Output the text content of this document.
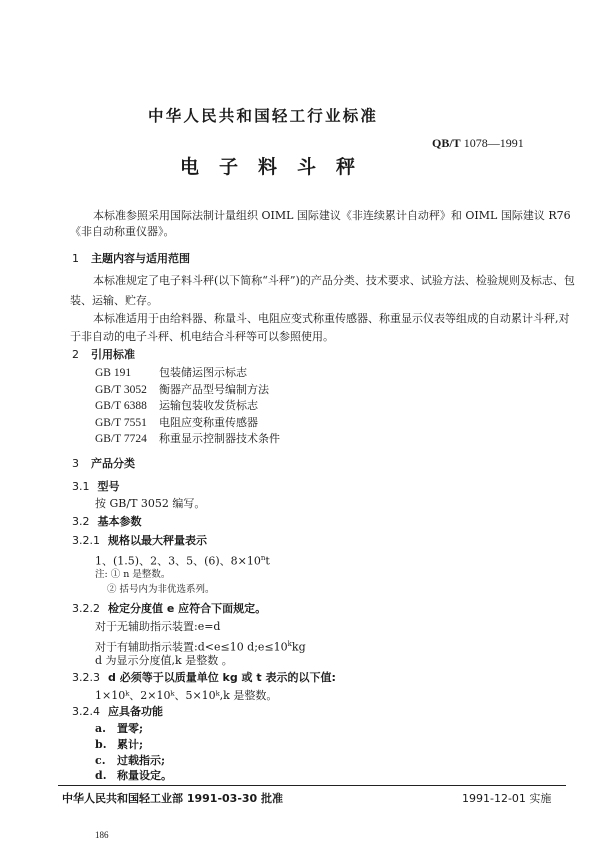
中华人民共和国轻工行业标准
QB/T 1078—1991
电子料斗秤
本标准参照采用国际法制计量组织 OIML 国际建议《非连续累计自动秤》和 OIML 国际建议 R76
《非自动称重仪器》。
1 主题内容与适用范围
本标准规定了电子料斗秤(以下简称“斗秤”)的产品分类、技术要求、试验方法、检验规则及标志、包
装、运输、贮存。
本标准适用于由给料器、称量斗、电阻应变式称重传感器、称重显示仪表等组成的自动累计斗秤,对
于非自动的电子斗秤、机电结合斗秤等可以参照使用。
2 引用标准
GB 191	包装储运图示标志
GB/T 3052 衡器产品型号编制方法
GB/T 6388 运输包装收发货标志
GB/T 7551 电阻应变称重传感器
GB/T 7724 称重显示控制器技术条件
3 产品分类
3.1 型号
按 GB/T 3052 编写。
3.2 基本参数
3.2.1 规格以最大秤量表示
1、(1.5)、2、3、5、(6)、$8\times 10^nt$
注: ① n 是整数。
② 括号内为非优选系列。
3.2.2 检定分度值 e 应符合下面规定。
对于无辅助指示装置:e=d
对于有辅助指示装置:d<e≤10 $d;e\le 10^kkg$
d 为显示分度值,k 是整数 。
3.2.3 d 必须等于以质量单位 kg 或 t 表示的以下值:
1×10ᵏ、2×10ᵏ、5×10ᵏ,k 是整数。
3.2.4 应具备功能
a. 置零;
b. 累计;
c. 过载指示;
d. 称量设定。
中华人民共和国轻工业部 1991-03-30 批准	1991-12-01 实施
186
